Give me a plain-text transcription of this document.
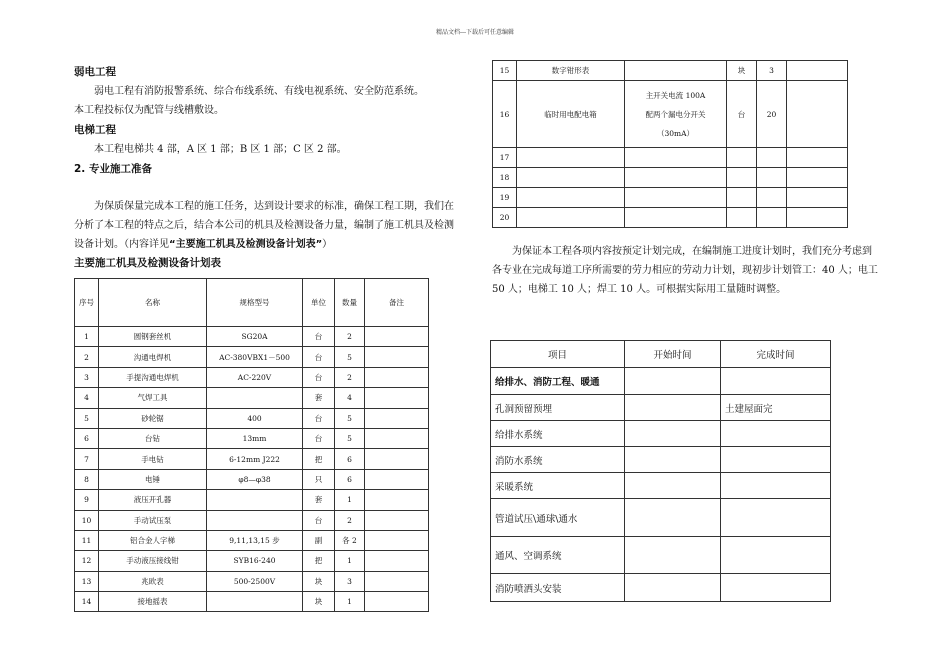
精品文档---下载后可任意编辑
弱电工程
弱电工程有消防报警系统、综合布线系统、有线电视系统、安全防范系统。
本工程投标仅为配管与线槽敷设。
电梯工程
本工程电梯共 4 部，A 区 1 部；B 区 1 部；C 区 2 部。
2. 专业施工准备
为保质保量完成本工程的施工任务，达到设计要求的标准，确保工程工期，我们在分析了本工程的特点之后，结合本公司的机具及检测设备力量，编制了施工机具及检测设备计划。（内容详见“主要施工机具及检测设备计划表”）
主要施工机具及检测设备计划表
序号	名称	规格型号	单位	数量	备注
1	圆钢套丝机	SG20A	台	2	
2	沟通电焊机	AC-380VBX1－500	台	5	
3	手提沟通电焊机	AC-220V	台	2	
4	气焊工具		套	4	
5	砂轮锯	400	台	5	
6	台钻	13mm	台	5	
7	手电钻	6-12mm J222	把	6	
8	电锤	φ8—φ38	只	6	
9	液压开孔器		套	1	
10	手动试压泵		台	2	
11	铝合金人字梯	9,11,13,15 步	副	各 2	
12	手动液压接线钳	SYB16-240	把	1	
13	兆欧表	500-2500V	块	3	
14	接地摇表		块	1	
15	数字钳形表		块	3	
16	临时用电配电箱	主开关电流 100A
配两个漏电分开关
（30mA）	台	20	
17					
18					
19					
20					
为保证本工程各项内容按预定计划完成，在编制施工进度计划时，我们充分考虑到各专业在完成每道工序所需要的劳力相应的劳动力计划，现初步计划管工：40 人；电工 50 人；电梯工 10 人；焊工 10 人。可根据实际用工量随时调整。
项目	开始时间	完成时间
给排水、消防工程、暖通		
孔洞预留预埋		土建屋面完
给排水系统		
消防水系统		
采暖系统		
管道试压\通球\通水		
通风、空调系统		
消防喷洒头安装		
